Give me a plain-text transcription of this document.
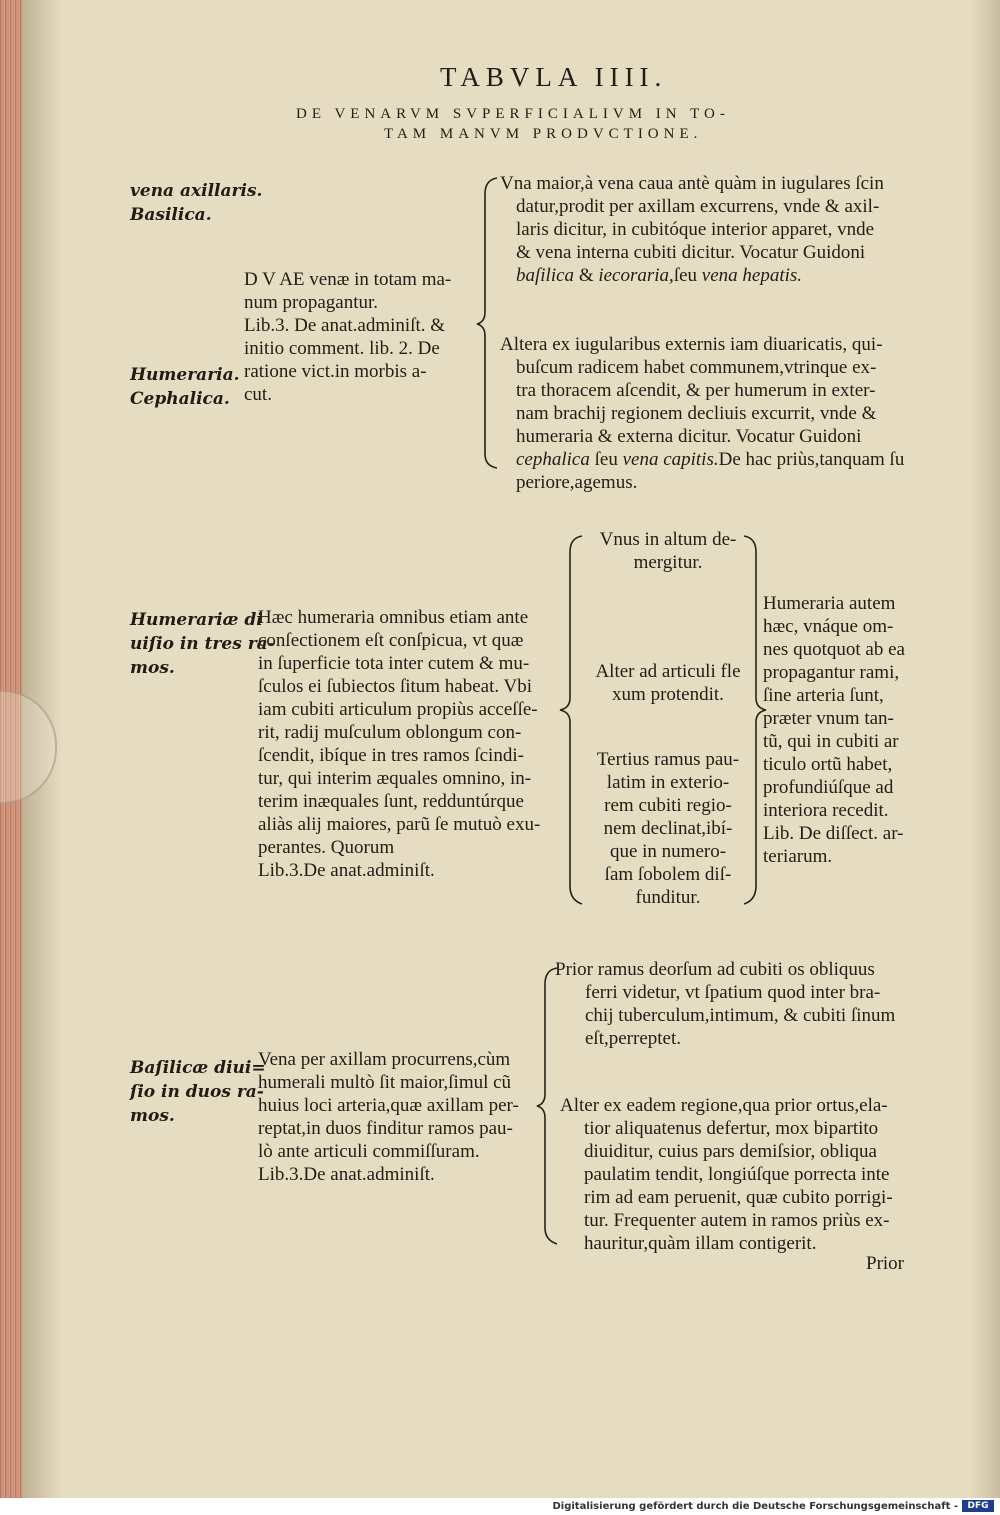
TABVLA IIII.
DE VENARVM SVPERFICIALIVM IN TO-
TAM MANVM PRODVCTIONE.
vena axillaris.
Basilica.
Humeraria.
Cephalica.

D V AE venæ in totam ma-

num propagantur.

Lib.3. De anat.adminiſt. &

initio comment. lib. 2. De

ratione vict.in morbis a-

cut.

Vna maior,à vena caua antè quàm in iugulares ſcin

datur,prodit per axillam excurrens, vnde & axil-

laris dicitur, in cubitóque interior apparet, vnde

& vena interna cubiti dicitur. Vocatur Guidoni

baſilica & iecoraria,ſeu vena hepatis.

Altera ex iugularibus externis iam diuaricatis, qui-

buſcum radicem habet communem,vtrinque ex-

tra thoracem aſcendit, & per humerum in exter-

nam brachij regionem decliuis excurrit, vnde &

humeraria & externa dicitur. Vocatur Guidoni

cephalica ſeu vena capitis.De hac priùs,tanquam ſu

periore,agemus.

Humerariæ di
uiſio in tres ra-
mos.

Hæc humeraria omnibus etiam ante

conſectionem eſt conſpicua, vt quæ

in ſuperficie tota inter cutem & mu-

ſculos ei ſubiectos ſitum habeat. Vbi

iam cubiti articulum propiùs acceſſe-

rit, radij muſculum oblongum con-

ſcendit, ibíque in tres ramos ſcindi-

tur, qui interim æquales omnino, in-

terim inæquales ſunt, redduntúrque

aliàs alij maiores, parũ ſe mutuò exu-

perantes. Quorum

Lib.3.De anat.adminiſt.

Vnus in altum de-

mergitur.

Alter ad articuli fle

xum protendit.

Tertius ramus pau-

latim in exterio-

rem cubiti regio-

nem declinat,ibí-

que in numero-

ſam ſobolem diſ-

funditur.

Humeraria autem

hæc, vnáque om-

nes quotquot ab ea

propagantur rami,

ſine arteria ſunt,

præter vnum tan-

tũ, qui in cubiti ar

ticulo ortũ habet,

profundiúſque ad

interiora recedit.

Lib. De diſſect. ar-

teriarum.

Baſilicæ diui=
ſio in duos ra-
mos.

Vena per axillam procurrens,cùm

humerali multò ſit maior,ſimul cũ

huius loci arteria,quæ axillam per-

reptat,in duos finditur ramos pau-

lò ante articuli commiſſuram.

Lib.3.De anat.adminiſt.

Prior ramus deorſum ad cubiti os obliquus

ferri videtur, vt ſpatium quod inter bra-

chij tuberculum,intimum, & cubiti ſinum

eſt,perreptet.

Alter ex eadem regione,qua prior ortus,ela-

tior aliquatenus defertur, mox bipartito

diuiditur, cuius pars demiſsior, obliqua

paulatim tendit, longiúſque porrecta inte

rim ad eam peruenit, quæ cubito porrigi-

tur. Frequenter autem in ramos priùs ex-

hauritur,quàm illam contigerit.

Prior
Digitalisierung gefördert durch die Deutsche Forschungsgemeinschaft -	DFG
